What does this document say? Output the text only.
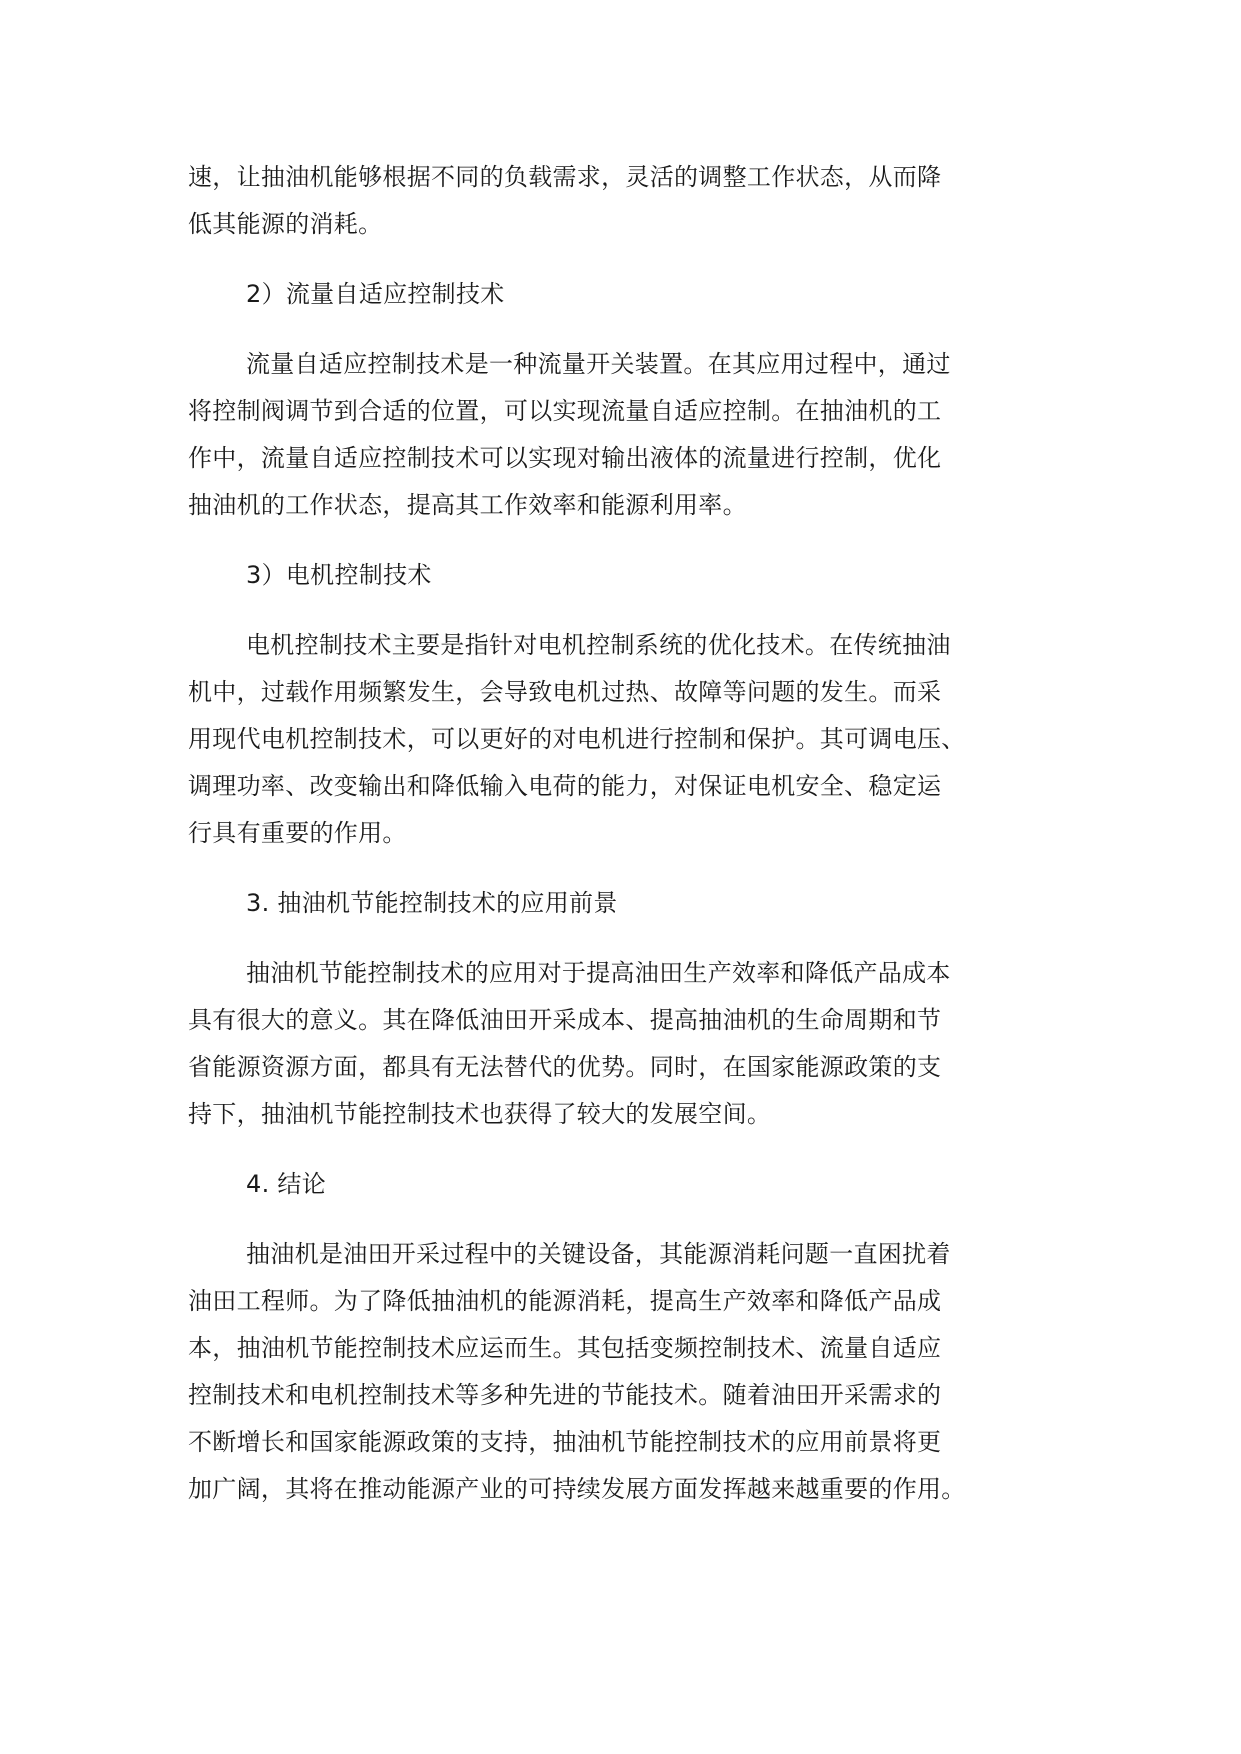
速，让抽油机能够根据不同的负载需求，灵活的调整工作状态，从而降
低其能源的消耗。
2）流量自适应控制技术
流量自适应控制技术是一种流量开关装置。在其应用过程中，通过
将控制阀调节到合适的位置，可以实现流量自适应控制。在抽油机的工
作中，流量自适应控制技术可以实现对输出液体的流量进行控制，优化
抽油机的工作状态，提高其工作效率和能源利用率。
3）电机控制技术
电机控制技术主要是指针对电机控制系统的优化技术。在传统抽油
机中，过载作用频繁发生，会导致电机过热、故障等问题的发生。而采
用现代电机控制技术，可以更好的对电机进行控制和保护。其可调电压、
调理功率、改变输出和降低输入电荷的能力，对保证电机安全、稳定运
行具有重要的作用。
3. 抽油机节能控制技术的应用前景
抽油机节能控制技术的应用对于提高油田生产效率和降低产品成本
具有很大的意义。其在降低油田开采成本、提高抽油机的生命周期和节
省能源资源方面，都具有无法替代的优势。同时，在国家能源政策的支
持下，抽油机节能控制技术也获得了较大的发展空间。
4. 结论
抽油机是油田开采过程中的关键设备，其能源消耗问题一直困扰着
油田工程师。为了降低抽油机的能源消耗，提高生产效率和降低产品成
本，抽油机节能控制技术应运而生。其包括变频控制技术、流量自适应
控制技术和电机控制技术等多种先进的节能技术。随着油田开采需求的
不断增长和国家能源政策的支持，抽油机节能控制技术的应用前景将更
加广阔，其将在推动能源产业的可持续发展方面发挥越来越重要的作用。
